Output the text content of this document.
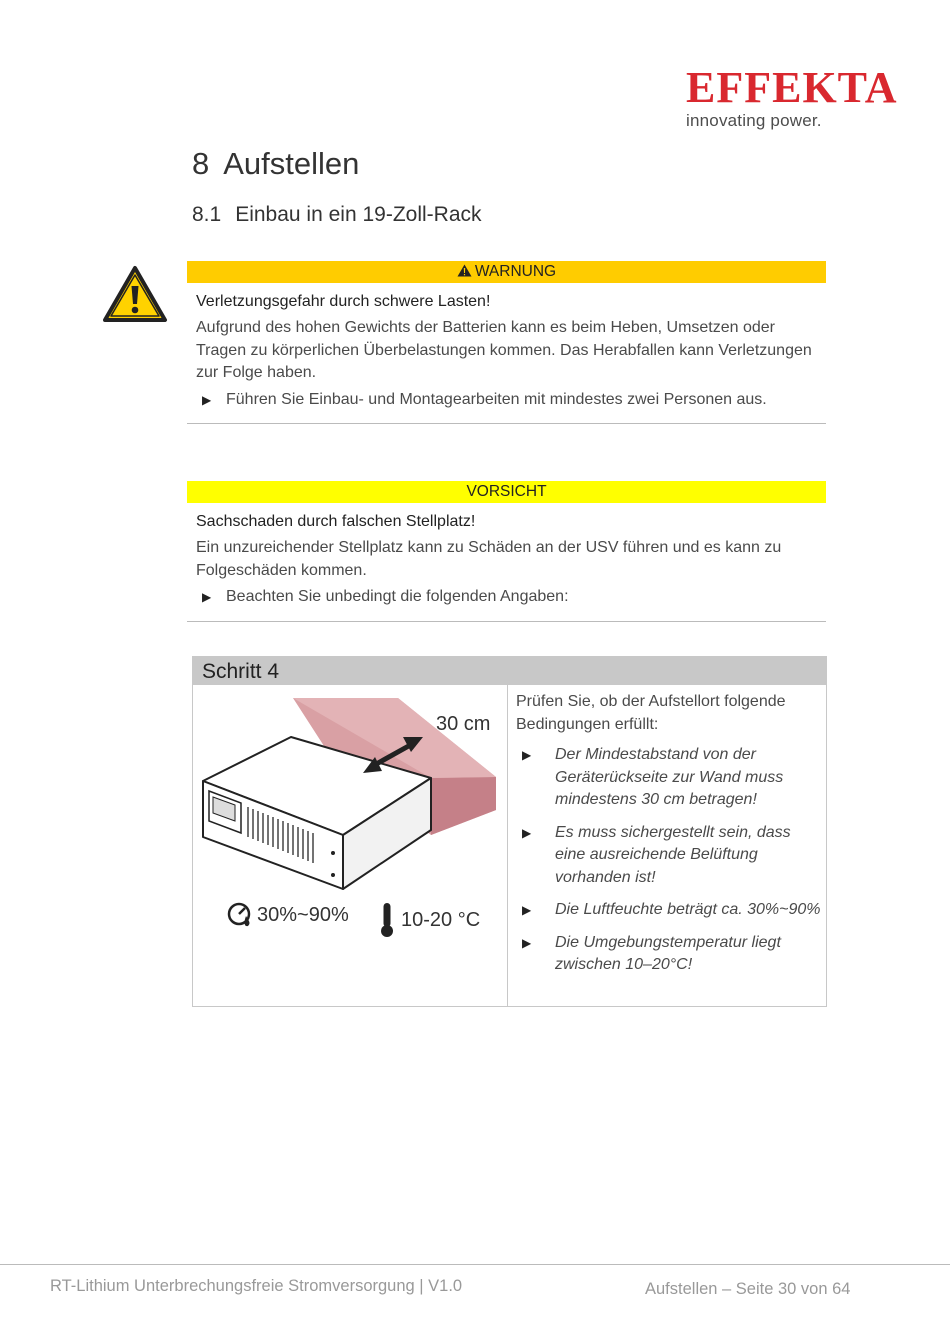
EFFEKTA
innovating power.
8 Aufstellen
8.1 Einbau in ein 19-Zoll-Rack
WARNUNG
Verletzungsgefahr durch schwere Lasten!
Aufgrund des hohen Gewichts der Batterien kann es beim Heben, Umsetzen oder Tragen zu körperlichen Überbelastungen kommen. Das Herabfallen kann Verletzungen zur Folge haben.
▶ Führen Sie Einbau- und Montagearbeiten mit mindestes zwei Personen aus.
VORSICHT
Sachschaden durch falschen Stellplatz!
Ein unzureichender Stellplatz kann zu Schäden an der USV führen und es kann zu Folgeschäden kommen.
▶ Beachten Sie unbedingt die folgenden Angaben:
Schritt 4
30 cm
30%~90%	10-20 °C
Prüfen Sie, ob der Aufstellort folgende Bedingungen erfüllt:
▶ Der Mindestabstand von der Geräterückseite zur Wand muss mindestens 30 cm betragen!
▶ Es muss sichergestellt sein, dass eine ausreichende Belüftung vorhanden ist!
▶ Die Luftfeuchte beträgt ca. 30%~90%
▶ Die Umgebungstemperatur liegt zwischen 10–20°C!
RT-Lithium Unterbrechungsfreie Stromversorgung | V1.0	Aufstellen – Seite 30 von 64
